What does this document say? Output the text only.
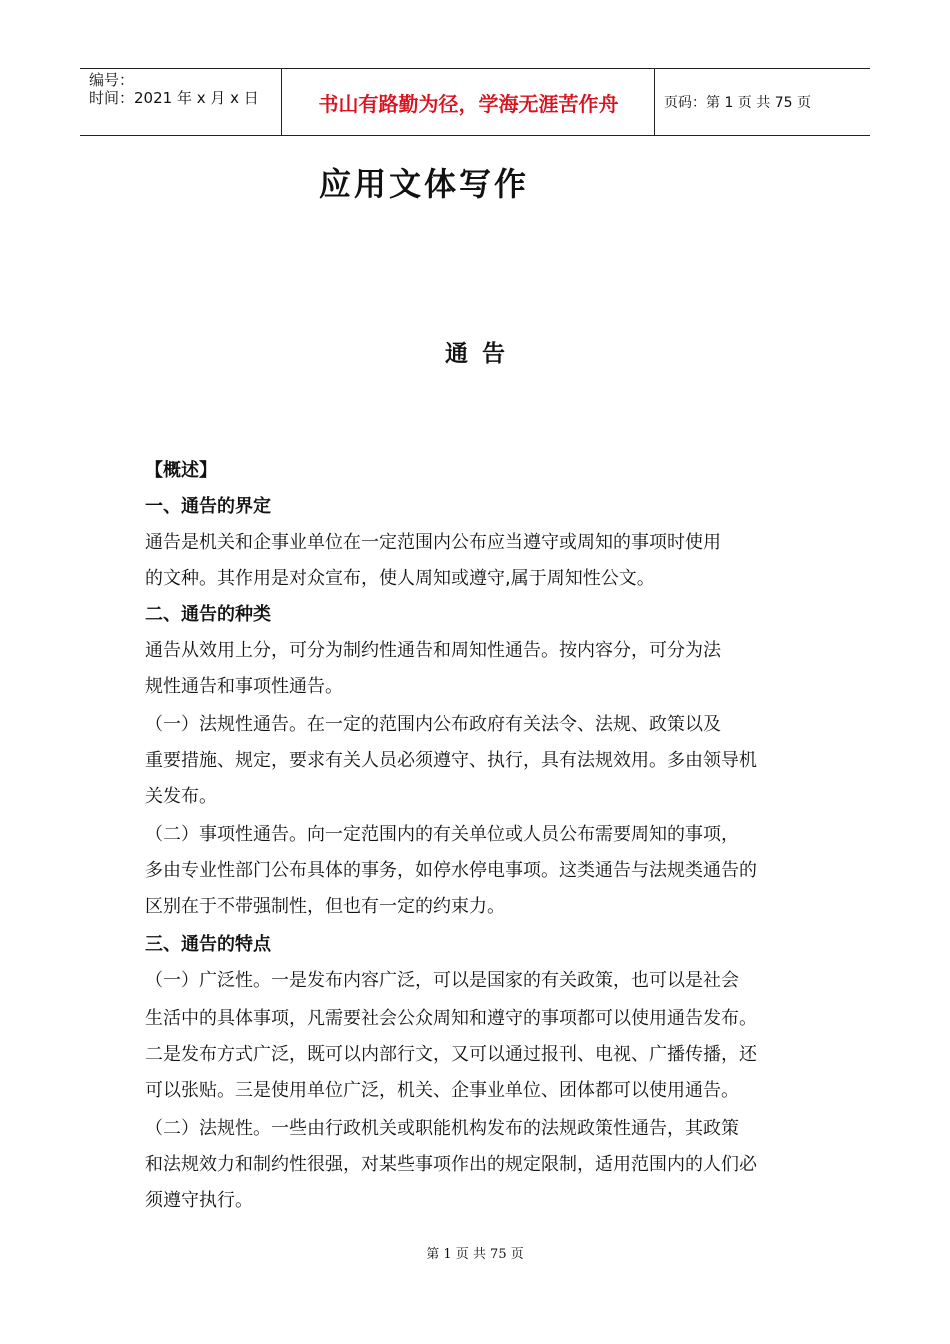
编号：
时间：2021 年 x 月 x 日	书山有路勤为径，学海无涯苦作舟	页码：第 1 页 共 75 页
应用文体写作
通 告
【概述】
一、通告的界定
通告是机关和企事业单位在一定范围内公布应当遵守或周知的事项时使用
的文种。其作用是对众宣布，使人周知或遵守,属于周知性公文。
二、通告的种类
通告从效用上分，可分为制约性通告和周知性通告。按内容分，可分为法
规性通告和事项性通告。
（一）法规性通告。在一定的范围内公布政府有关法令、法规、政策以及
重要措施、规定，要求有关人员必须遵守、执行，具有法规效用。多由领导机
关发布。
（二）事项性通告。向一定范围内的有关单位或人员公布需要周知的事项，
多由专业性部门公布具体的事务，如停水停电事项。这类通告与法规类通告的
区别在于不带强制性，但也有一定的约束力。
三、通告的特点
（一）广泛性。一是发布内容广泛，可以是国家的有关政策，也可以是社会
生活中的具体事项，凡需要社会公众周知和遵守的事项都可以使用通告发布。
二是发布方式广泛，既可以内部行文，又可以通过报刊、电视、广播传播，还
可以张贴。三是使用单位广泛，机关、企事业单位、团体都可以使用通告。
（二）法规性。一些由行政机关或职能机构发布的法规政策性通告，其政策
和法规效力和制约性很强，对某些事项作出的规定限制，适用范围内的人们必
须遵守执行。
第 1 页 共 75 页
